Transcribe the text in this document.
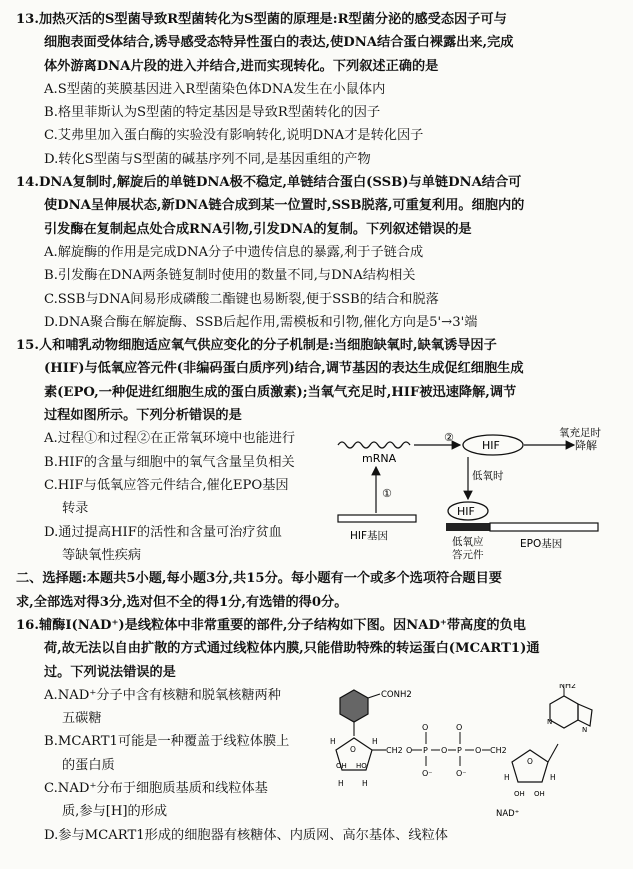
13.加热灭活的S型菌导致R型菌转化为S型菌的原理是:R型菌分泌的感受态因子可与
细胞表面受体结合,诱导感受态特异性蛋白的表达,使DNA结合蛋白裸露出来,完成
体外游离DNA片段的进入并结合,进而实现转化。下列叙述正确的是
A.S型菌的荚膜基因进入R型菌染色体DNA发生在小鼠体内
B.格里菲斯认为S型菌的特定基因是导致R型菌转化的因子
C.艾弗里加入蛋白酶的实验没有影响转化,说明DNA才是转化因子
D.转化S型菌与S型菌的碱基序列不同,是基因重组的产物
14.DNA复制时,解旋后的单链DNA极不稳定,单链结合蛋白(SSB)与单链DNA结合可
使DNA呈伸展状态,新DNA链合成到某一位置时,SSB脱落,可重复利用。细胞内的
引发酶在复制起点处合成RNA引物,引发DNA的复制。下列叙述错误的是
A.解旋酶的作用是完成DNA分子中遗传信息的暴露,利于子链合成
B.引发酶在DNA两条链复制时使用的数量不同,与DNA结构相关
C.SSB与DNA间易形成磷酸二酯键也易断裂,便于SSB的结合和脱落
D.DNA聚合酶在解旋酶、SSB后起作用,需模板和引物,催化方向是5'→3'端
15.人和哺乳动物细胞适应氧气供应变化的分子机制是:当细胞缺氧时,缺氧诱导因子
(HIF)与低氧应答元件(非编码蛋白质序列)结合,调节基因的表达生成促红细胞生成
素(EPO,一种促进红细胞生成的蛋白质激素);当氧气充足时,HIF被迅速降解,调节
过程如图所示。下列分析错误的是
A.过程①和过程②在正常氧环境中也能进行
B.HIF的含量与细胞中的氧气含量呈负相关
C.HIF与低氧应答元件结合,催化EPO基因
转录
D.通过提高HIF的活性和含量可治疗贫血
等缺氧性疾病
mRNA
②
HIF
氧充足时
降解
①
HIF基因
低氧时
HIF
低氧应
答元件
EPO基因
二、选择题:本题共5小题,每小题3分,共15分。每小题有一个或多个选项符合题目要
求,全部选对得3分,选对但不全的得1分,有选错的得0分。
16.辅酶Ⅰ(NAD⁺)是线粒体中非常重要的部件,分子结构如下图。因NAD⁺带高度的负电
荷,故无法以自由扩散的方式通过线粒体内膜,只能借助特殊的转运蛋白(MCART1)通
过。下列说法错误的是
A.NAD⁺分子中含有核糖和脱氧核糖两种
五碳糖
B.MCART1可能是一种覆盖于线粒体膜上
的蛋白质
C.NAD⁺分布于细胞质基质和线粒体基
质,参与[H]的形成
CONH2
O
H	H
OH HO
H H
CH2 O P
O
O⁻
O P
O
O⁻
O CH2
O
OH OH
H	H
NH2
N
N
NAD⁺
D.参与MCART1形成的细胞器有核糖体、内质网、高尔基体、线粒体
